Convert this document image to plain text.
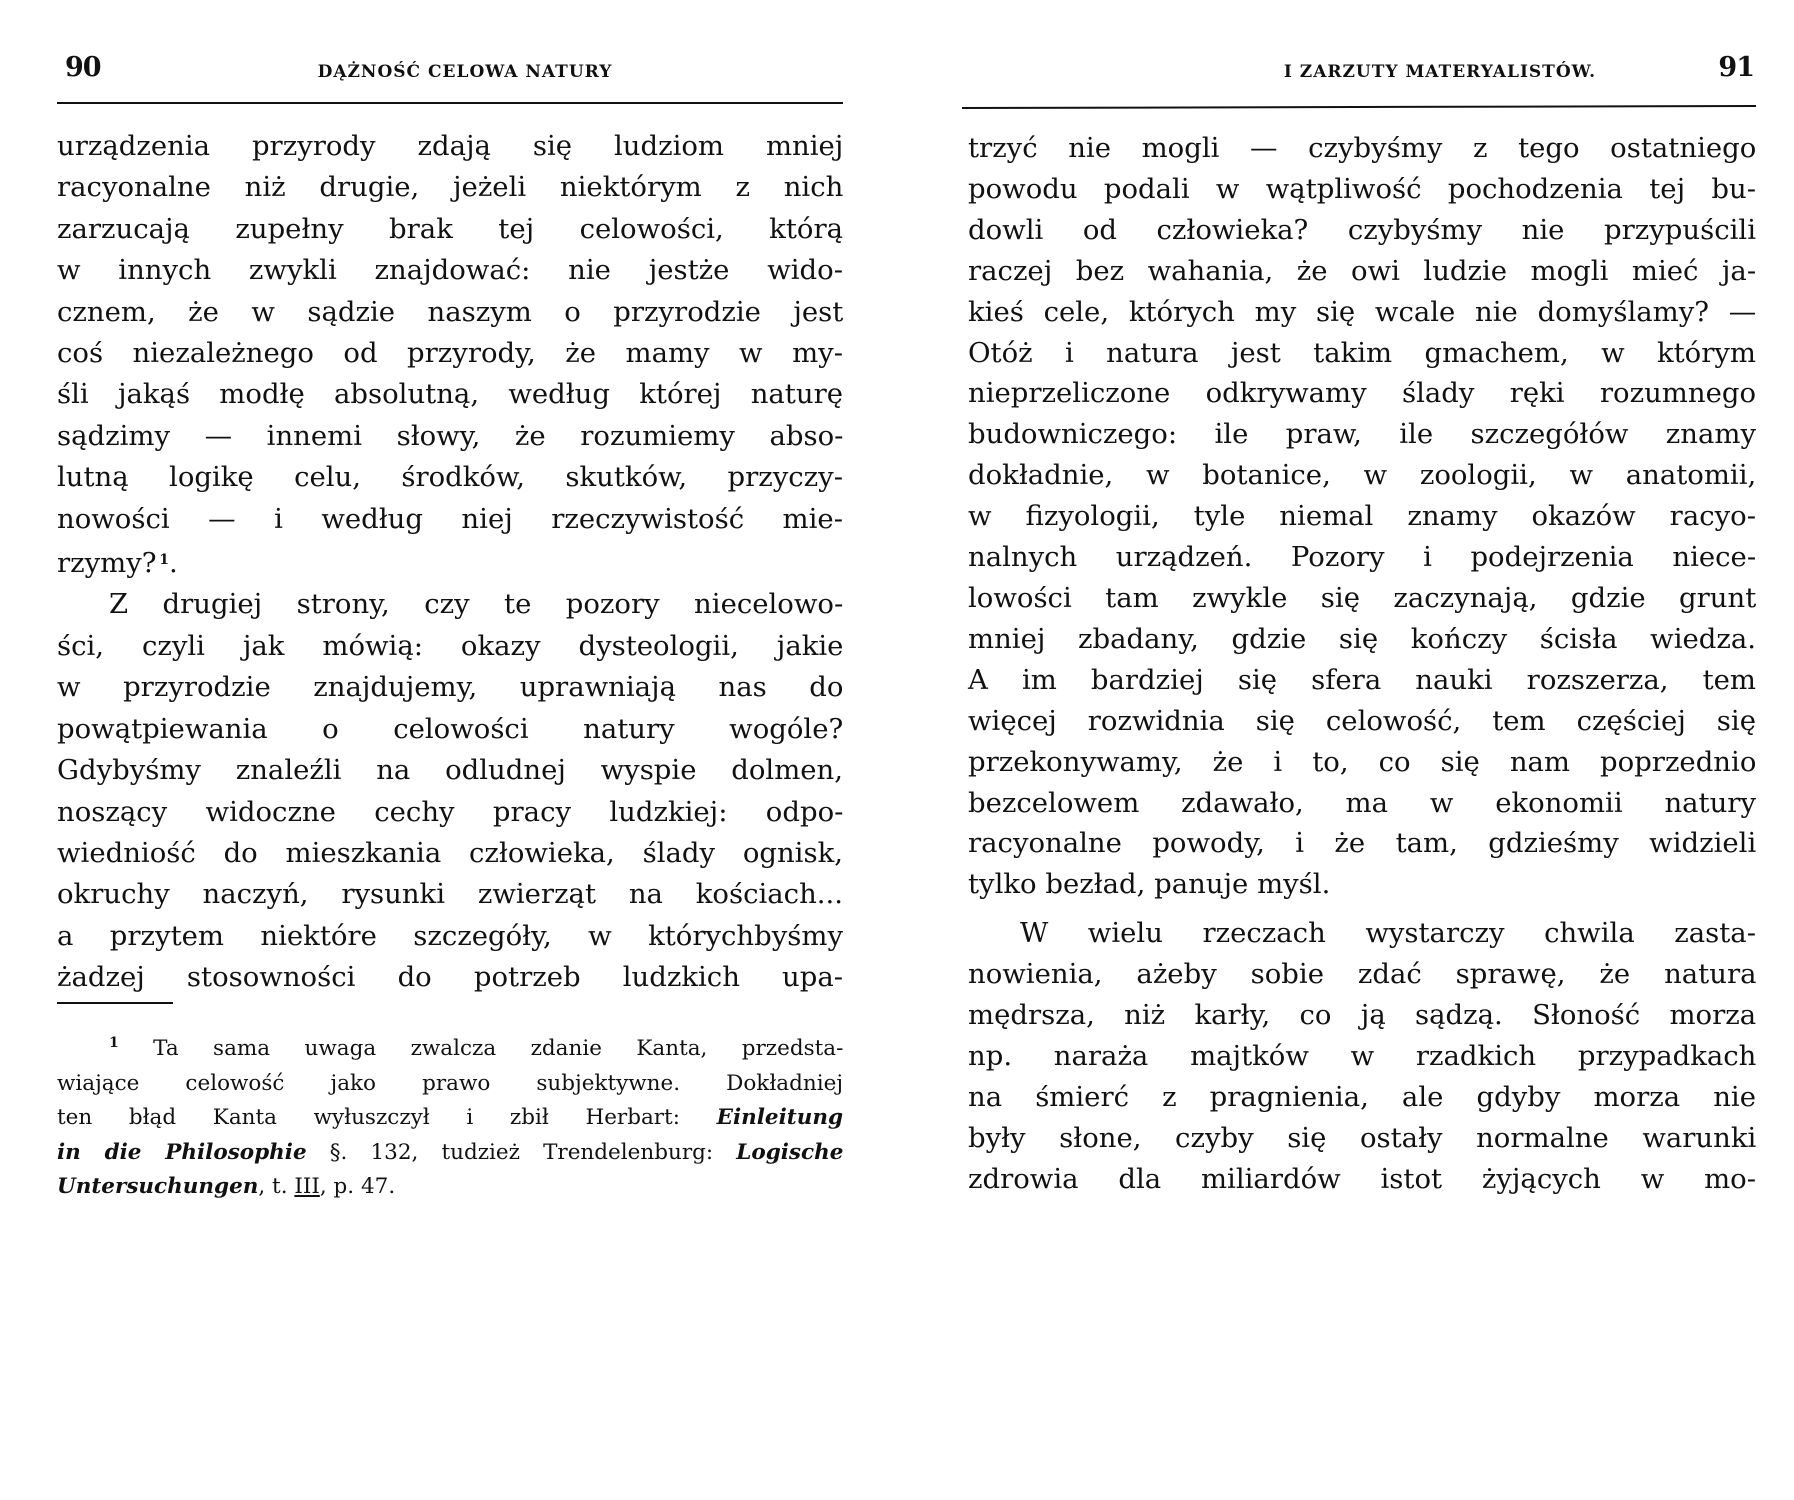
90	DĄŻNOŚĆ CELOWA NATURY
urządzenia przyrody zdają się ludziom mniej
racyonalne niż drugie, jeżeli niektórym z nich
zarzucają zupełny brak tej celowości, którą
w innych zwykli znajdować: nie jestże wido-
cznem, że w sądzie naszym o przyrodzie jest
coś niezależnego od przyrody, że mamy w my-
śli jakąś modłę absolutną, według której naturę
sądzimy — innemi słowy, że rozumiemy abso-
lutną logikę celu, środków, skutków, przyczy-
nowości — i według niej rzeczywistość mie-
rzymy?  $^1$.
Z drugiej strony, czy te pozory niecelowo-
ści, czyli jak mówią: okazy dysteologii, jakie
w przyrodzie znajdujemy, uprawniają nas do
powątpiewania o celowości natury wogóle?
Gdybyśmy znaleźli na odludnej wyspie dolmen,
noszący widoczne cechy pracy ludzkiej: odpo-
wiedniość do mieszkania człowieka, ślady ognisk,
okruchy naczyń, rysunki zwierząt na kościach...
a przytem niektóre szczegóły, w którychbyśmy
żadzej stosowności do potrzeb ludzkich upa-
$^1$ Ta sama uwaga zwalcza zdanie Kanta, przedsta-
wiające celowość jako prawo subjektywne. Dokładniej
ten błąd Kanta wyłuszczył i zbił Herbart: Einleitung
in die Philosophie §. 132, tudzież Trendelenburg: Logische
Untersuchungen, t. III, p. 47.
I ZARZUTY MATERYALISTÓW.	91
trzyć nie mogli — czybyśmy z tego ostatniego
powodu podali w wątpliwość pochodzenia tej bu-
dowli od człowieka? czybyśmy nie przypuścili
raczej bez wahania, że owi ludzie mogli mieć ja-
kieś cele, których my się wcale nie domyślamy? —
Otóż i natura jest takim gmachem, w którym
nieprzeliczone odkrywamy ślady ręki rozumnego
budowniczego: ile praw, ile szczegółów znamy
dokładnie, w botanice, w zoologii, w anatomii,
w fizyologii, tyle niemal znamy okazów racyo-
nalnych urządzeń. Pozory i podejrzenia niece-
lowości tam zwykle się zaczynają, gdzie grunt
mniej zbadany, gdzie się kończy ścisła wiedza.
A im bardziej się sfera nauki rozszerza, tem
więcej rozwidnia się celowość, tem częściej się
przekonywamy, że i to, co się nam poprzednio
bezcelowem zdawało, ma w ekonomii natury
racyonalne powody, i że tam, gdzieśmy widzieli
tylko bezład, panuje myśl.
W wielu rzeczach wystarczy chwila zasta-
nowienia, ażeby sobie zdać sprawę, że natura
mędrsza, niż karły, co ją sądzą. Słoność morza
np. naraża majtków w rzadkich przypadkach
na śmierć z pragnienia, ale gdyby morza nie
były słone, czyby się ostały normalne warunki
zdrowia dla miliardów istot żyjących w mo-
